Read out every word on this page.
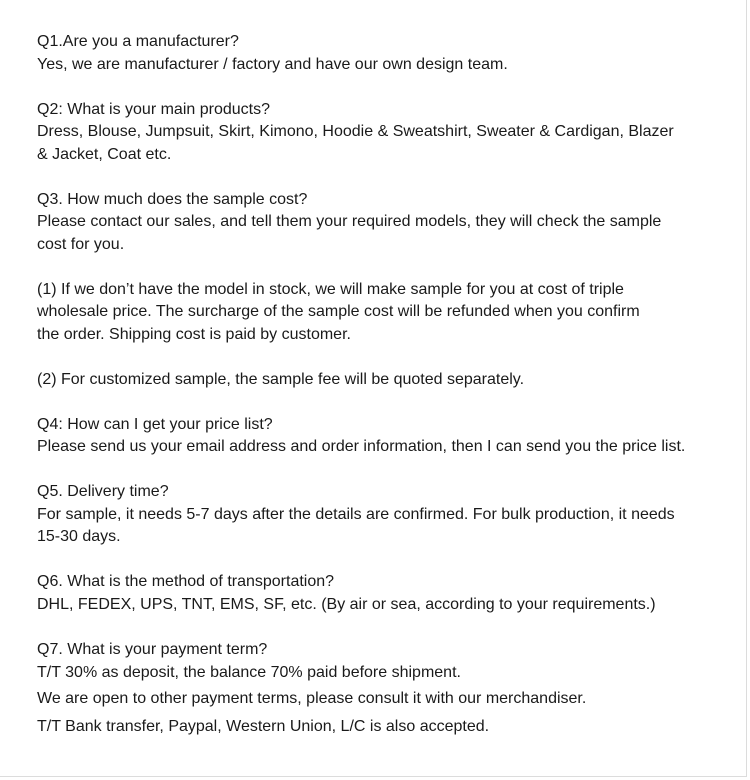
Q1.Are you a manufacturer?
Yes, we are manufacturer / factory and have our own design team.
Q2: What is your main products?
Dress, Blouse, Jumpsuit, Skirt, Kimono, Hoodie & Sweatshirt, Sweater & Cardigan, Blazer
& Jacket, Coat etc.
Q3. How much does the sample cost?
Please contact our sales, and tell them your required models, they will check the sample
cost for you.
(1) If we don’t have the model in stock, we will make sample for you at cost of triple
wholesale price. The surcharge of the sample cost will be refunded when you confirm
the order. Shipping cost is paid by customer.
(2) For customized sample, the sample fee will be quoted separately.
Q4: How can I get your price list?
Please send us your email address and order information, then I can send you the price list.
Q5. Delivery time?
For sample, it needs 5-7 days after the details are confirmed. For bulk production, it needs
15-30 days.
Q6. What is the method of transportation?
DHL, FEDEX, UPS, TNT, EMS, SF, etc. (By air or sea, according to your requirements.)
Q7. What is your payment term?
T/T 30% as deposit, the balance 70% paid before shipment.
We are open to other payment terms, please consult it with our merchandiser.
T/T Bank transfer, Paypal, Western Union, L/C is also accepted.
